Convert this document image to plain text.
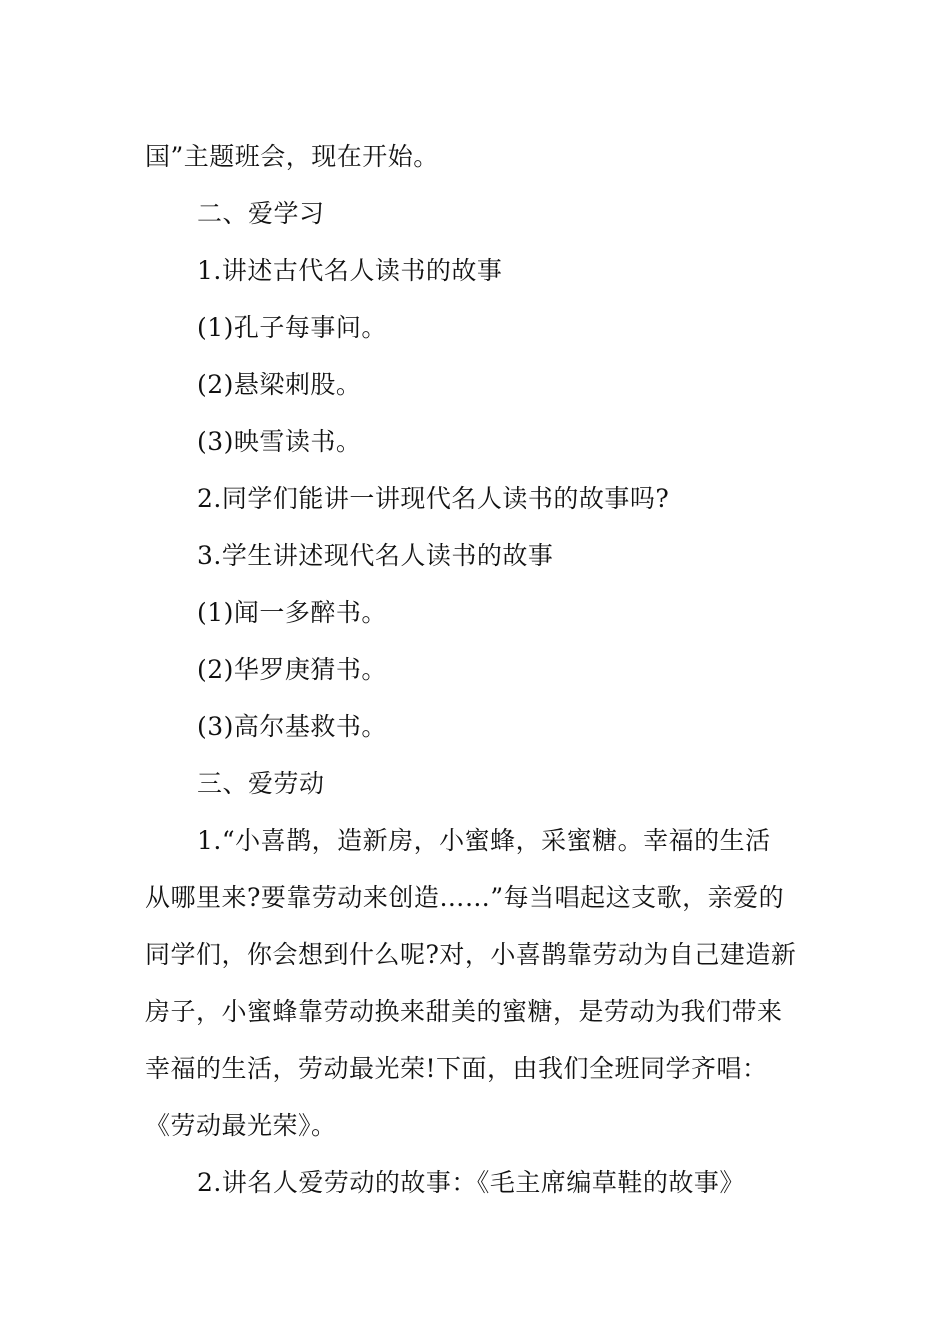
国”主题班会，现在开始。
二、爱学习
1.讲述古代名人读书的故事
(1)孔子每事问。
(2)悬梁刺股。
(3)映雪读书。
2.同学们能讲一讲现代名人读书的故事吗?
3.学生讲述现代名人读书的故事
(1)闻一多醉书。
(2)华罗庚猜书。
(3)高尔基救书。
三、爱劳动
1.“小喜鹊，造新房，小蜜蜂，采蜜糖。幸福的生活
从哪里来?要靠劳动来创造……”每当唱起这支歌，亲爱的
同学们，你会想到什么呢?对，小喜鹊靠劳动为自己建造新
房子，小蜜蜂靠劳动换来甜美的蜜糖，是劳动为我们带来
幸福的生活，劳动最光荣!下面，由我们全班同学齐唱：
《劳动最光荣》。
2.讲名人爱劳动的故事：《毛主席编草鞋的故事》
